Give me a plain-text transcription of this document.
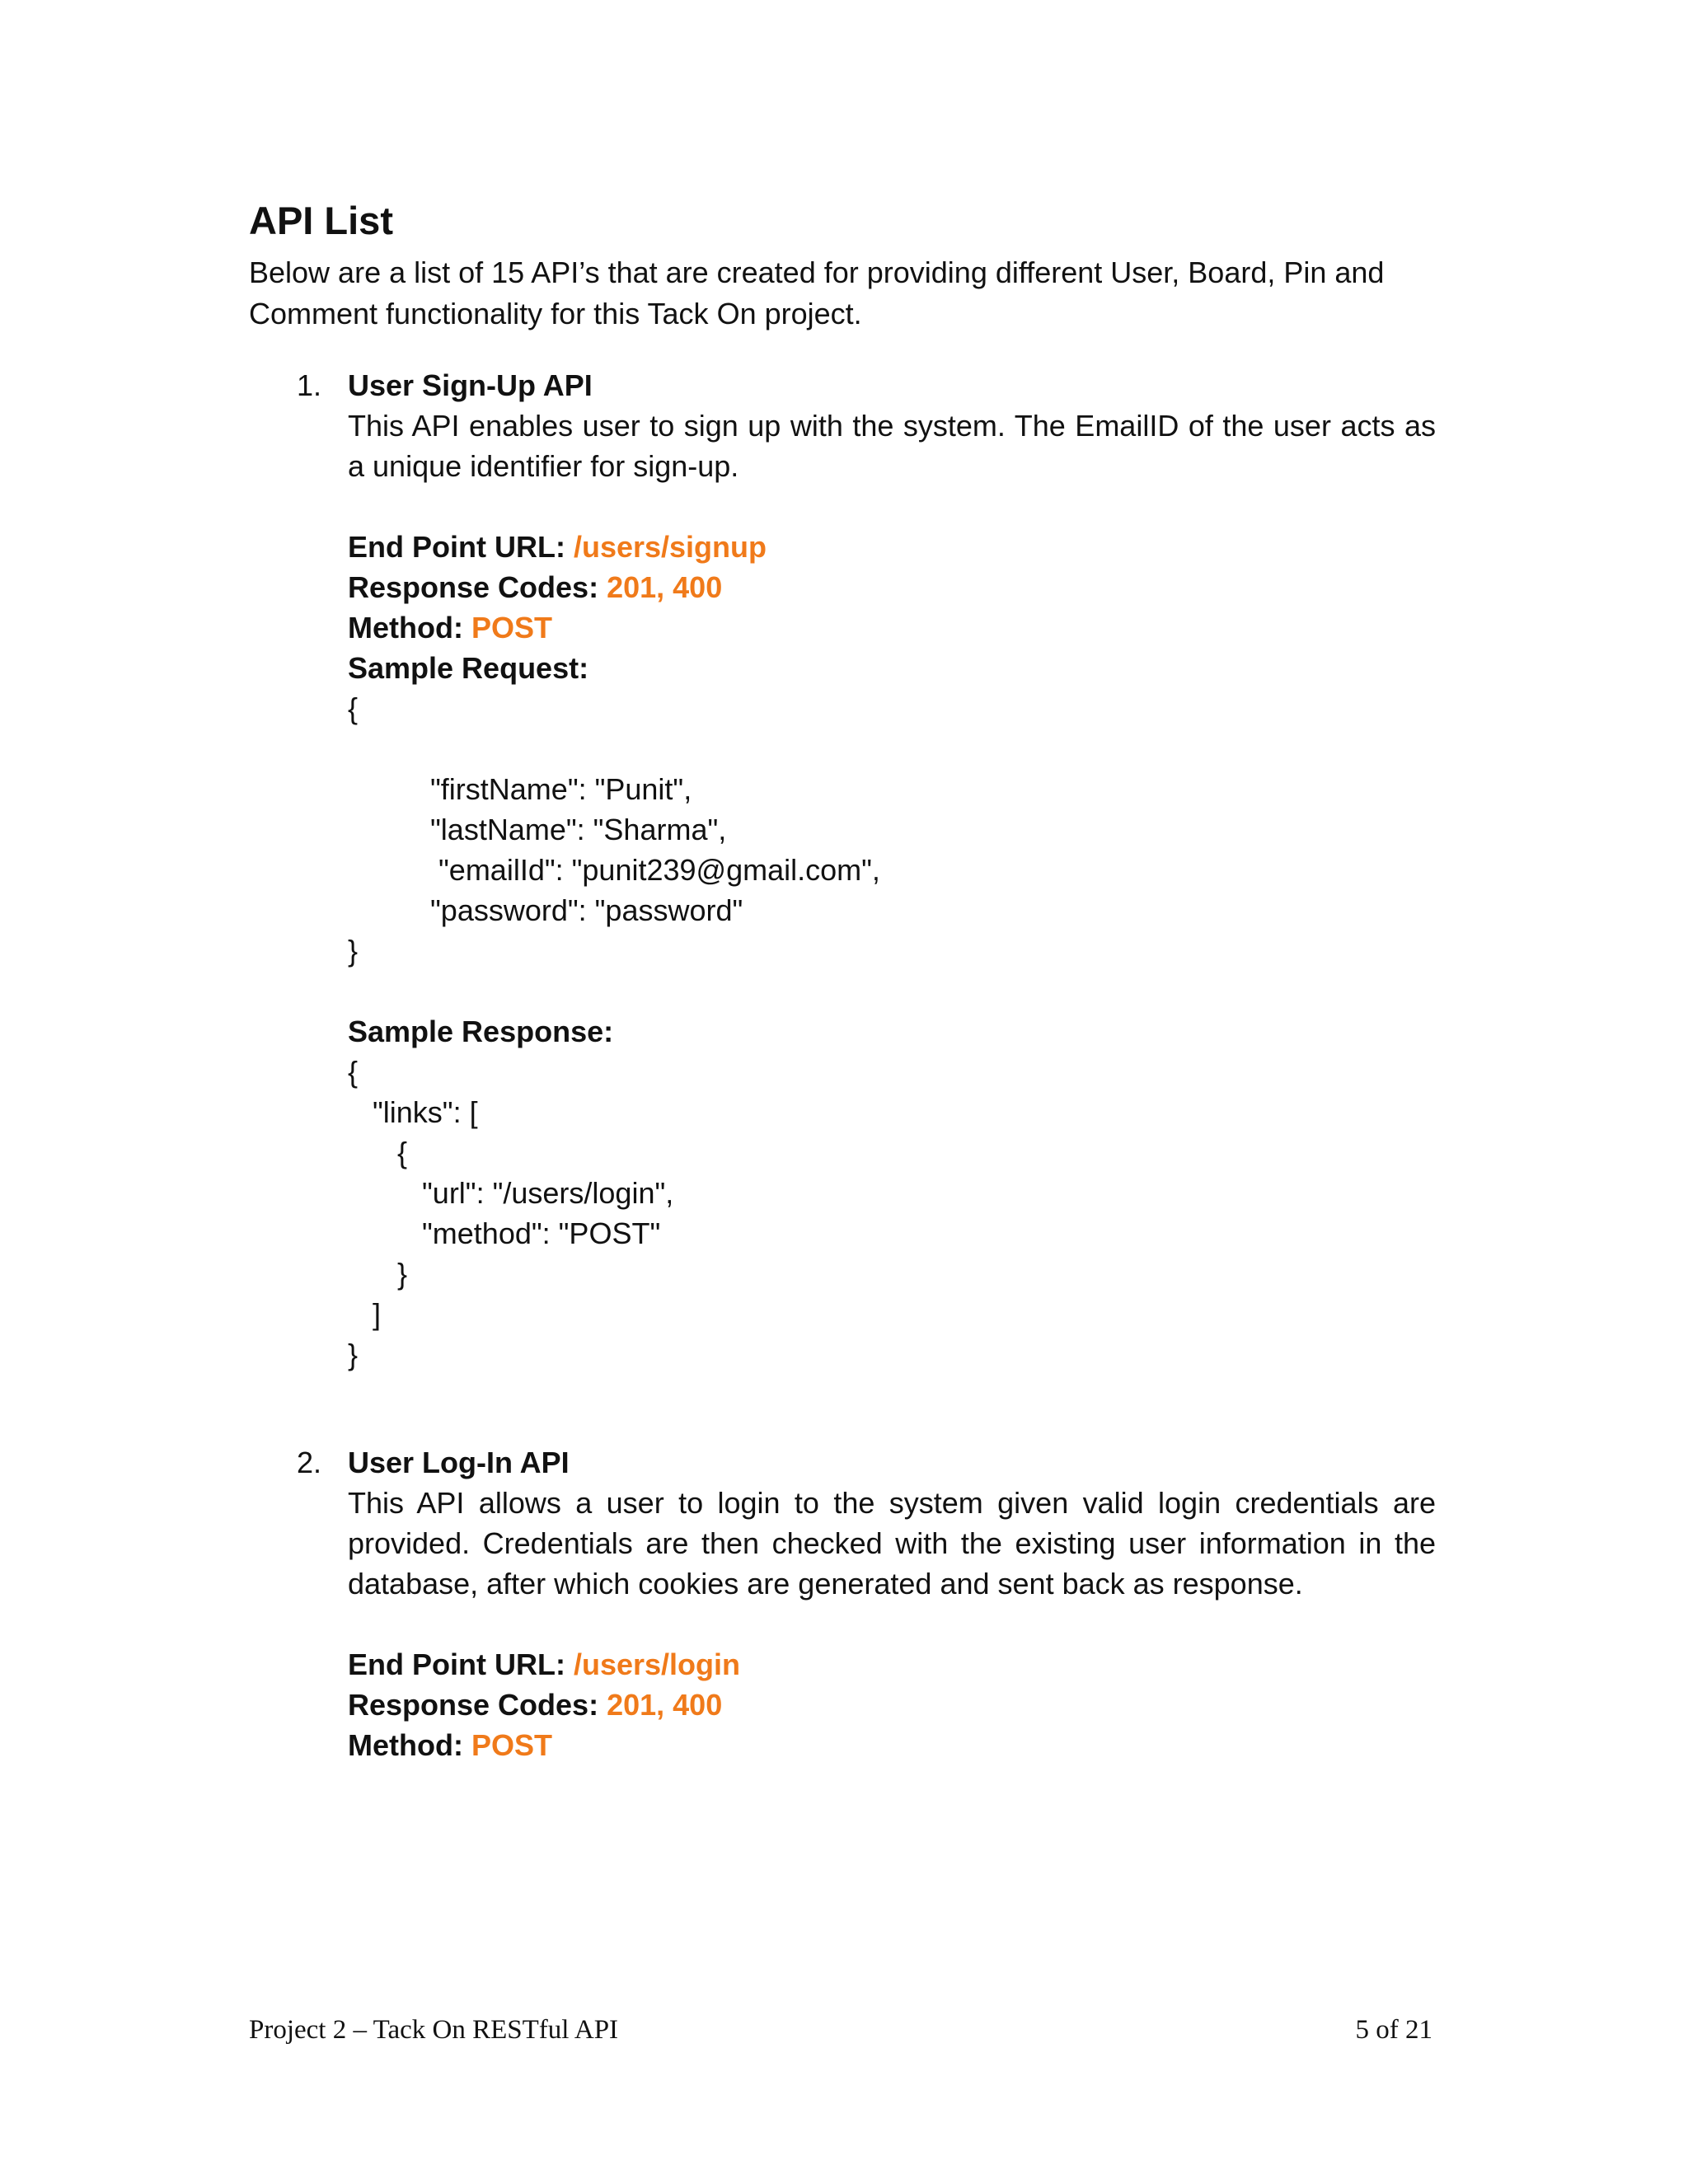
API List
Below are a list of 15 API’s that are created for providing different User, Board, Pin and Comment functionality for this Tack On project.
1. User Sign-Up API
This API enables user to sign up with the system. The EmailID of the user acts as a unique identifier for sign-up.
End Point URL: /users/signup
Response Codes: 201, 400
Method: POST
Sample Request:
{

"firstName": "Punit",
"lastName": "Sharma",
"emailId": "punit239@gmail.com",
"password": "password"
}
Sample Response:
{
"links": [
{
"url": "/users/login",
"method": "POST"
}
]
}
2. User Log-In API
This API allows a user to login to the system given valid login credentials are provided. Credentials are then checked with the existing user information in the database, after which cookies are generated and sent back as response.
End Point URL: /users/login
Response Codes: 201, 400
Method: POST
Project 2 – Tack On RESTful API	5 of 21
